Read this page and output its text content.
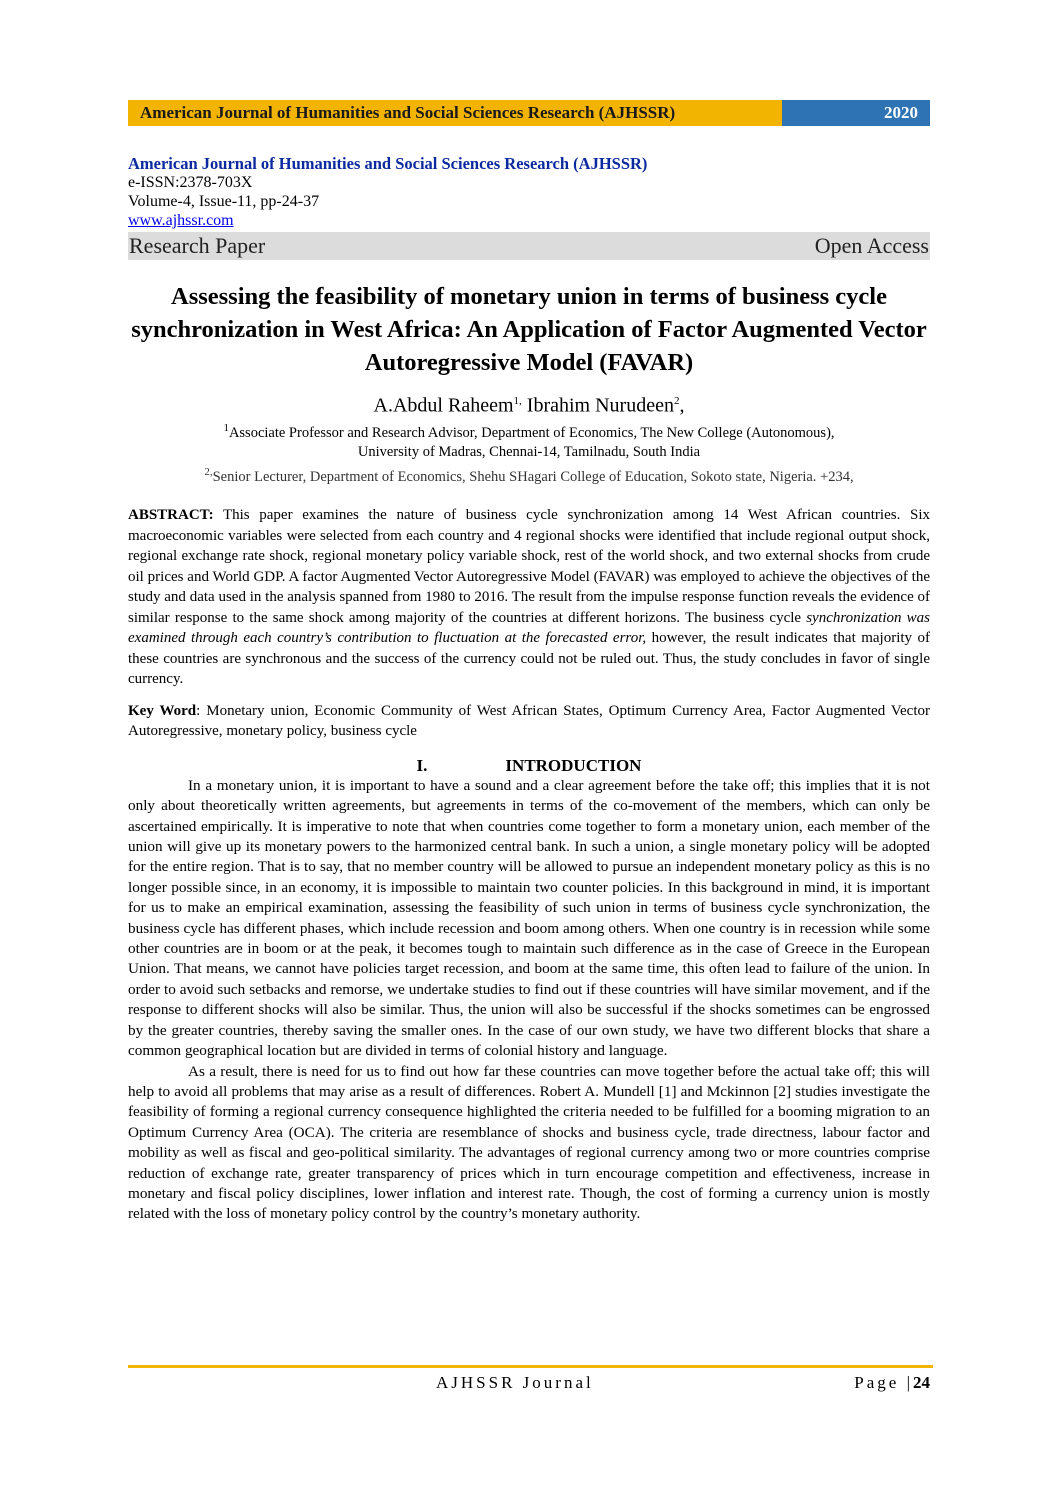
American Journal of Humanities and Social Sciences Research (AJHSSR)	2020
American Journal of Humanities and Social Sciences Research (AJHSSR)
e-ISSN:2378-703X
Volume-4, Issue-11, pp-24-37
www.ajhssr.com
Research Paper	Open Access
Assessing the feasibility of monetary union in terms of business cycle synchronization in West Africa: An Application of Factor Augmented Vector Autoregressive Model (FAVAR)
A.Abdul Raheem$^{1,}$ Ibrahim Nurudeen$^2$,
$^1$Associate Professor and Research Advisor, Department of Economics, The New College (Autonomous),
University of Madras, Chennai-14, Tamilnadu, South India
$^{2,}$Senior Lecturer, Department of Economics, Shehu SHagari College of Education, Sokoto state, Nigeria. +234,
ABSTRACT: This paper examines the nature of business cycle synchronization among 14 West African countries. Six macroeconomic variables were selected from each country and 4 regional shocks were identified that include regional output shock, regional exchange rate shock, regional monetary policy variable shock, rest of the world shock, and two external shocks from crude oil prices and World GDP. A factor Augmented Vector Autoregressive Model (FAVAR) was employed to achieve the objectives of the study and data used in the analysis spanned from 1980 to 2016. The result from the impulse response function reveals the evidence of similar response to the same shock among majority of the countries at different horizons. The business cycle synchronization was examined through each country’s contribution to fluctuation at the forecasted error, however, the result indicates that majority of these countries are synchronous and the success of the currency could not be ruled out. Thus, the study concludes in favor of single currency.
Key Word: Monetary union, Economic Community of West African States, Optimum Currency Area, Factor Augmented Vector Autoregressive, monetary policy, business cycle
I.	INTRODUCTION

In a monetary union, it is important to have a sound and a clear agreement before the take off; this implies that it is not only about theoretically written agreements, but agreements in terms of the co-movement of the members, which can only be ascertained empirically. It is imperative to note that when countries come together to form a monetary union, each member of the union will give up its monetary powers to the harmonized central bank. In such a union, a single monetary policy will be adopted for the entire region. That is to say, that no member country will be allowed to pursue an independent monetary policy as this is no longer possible since, in an economy, it is impossible to maintain two counter policies. In this background in mind, it is important for us to make an empirical examination, assessing the feasibility of such union in terms of business cycle synchronization, the business cycle has different phases, which include recession and boom among others. When one country is in recession while some other countries are in boom or at the peak, it becomes tough to maintain such difference as in the case of Greece in the European Union. That means, we cannot have policies target recession, and boom at the same time, this often lead to failure of the union. In order to avoid such setbacks and remorse, we undertake studies to find out if these countries will have similar movement, and if the response to different shocks will also be similar. Thus, the union will also be successful if the shocks sometimes can be engrossed by the greater countries, thereby saving the smaller ones. In the case of our own study, we have two different blocks that share a common geographical location but are divided in terms of colonial history and language.

As a result, there is need for us to find out how far these countries can move together before the actual take off; this will help to avoid all problems that may arise as a result of differences. Robert A. Mundell [1] and Mckinnon [2] studies investigate the feasibility of forming a regional currency consequence highlighted the criteria needed to be fulfilled for a booming migration to an Optimum Currency Area (OCA). The criteria are resemblance of shocks and business cycle, trade directness, labour factor and mobility as well as fiscal and geo-political similarity. The advantages of regional currency among two or more countries comprise reduction of exchange rate, greater transparency of prices which in turn encourage competition and effectiveness, increase in monetary and fiscal policy disciplines, lower inflation and interest rate. Though, the cost of forming a currency union is mostly related with the loss of monetary policy control by the country’s monetary authority.

AJHSSR Journal	Page |24
